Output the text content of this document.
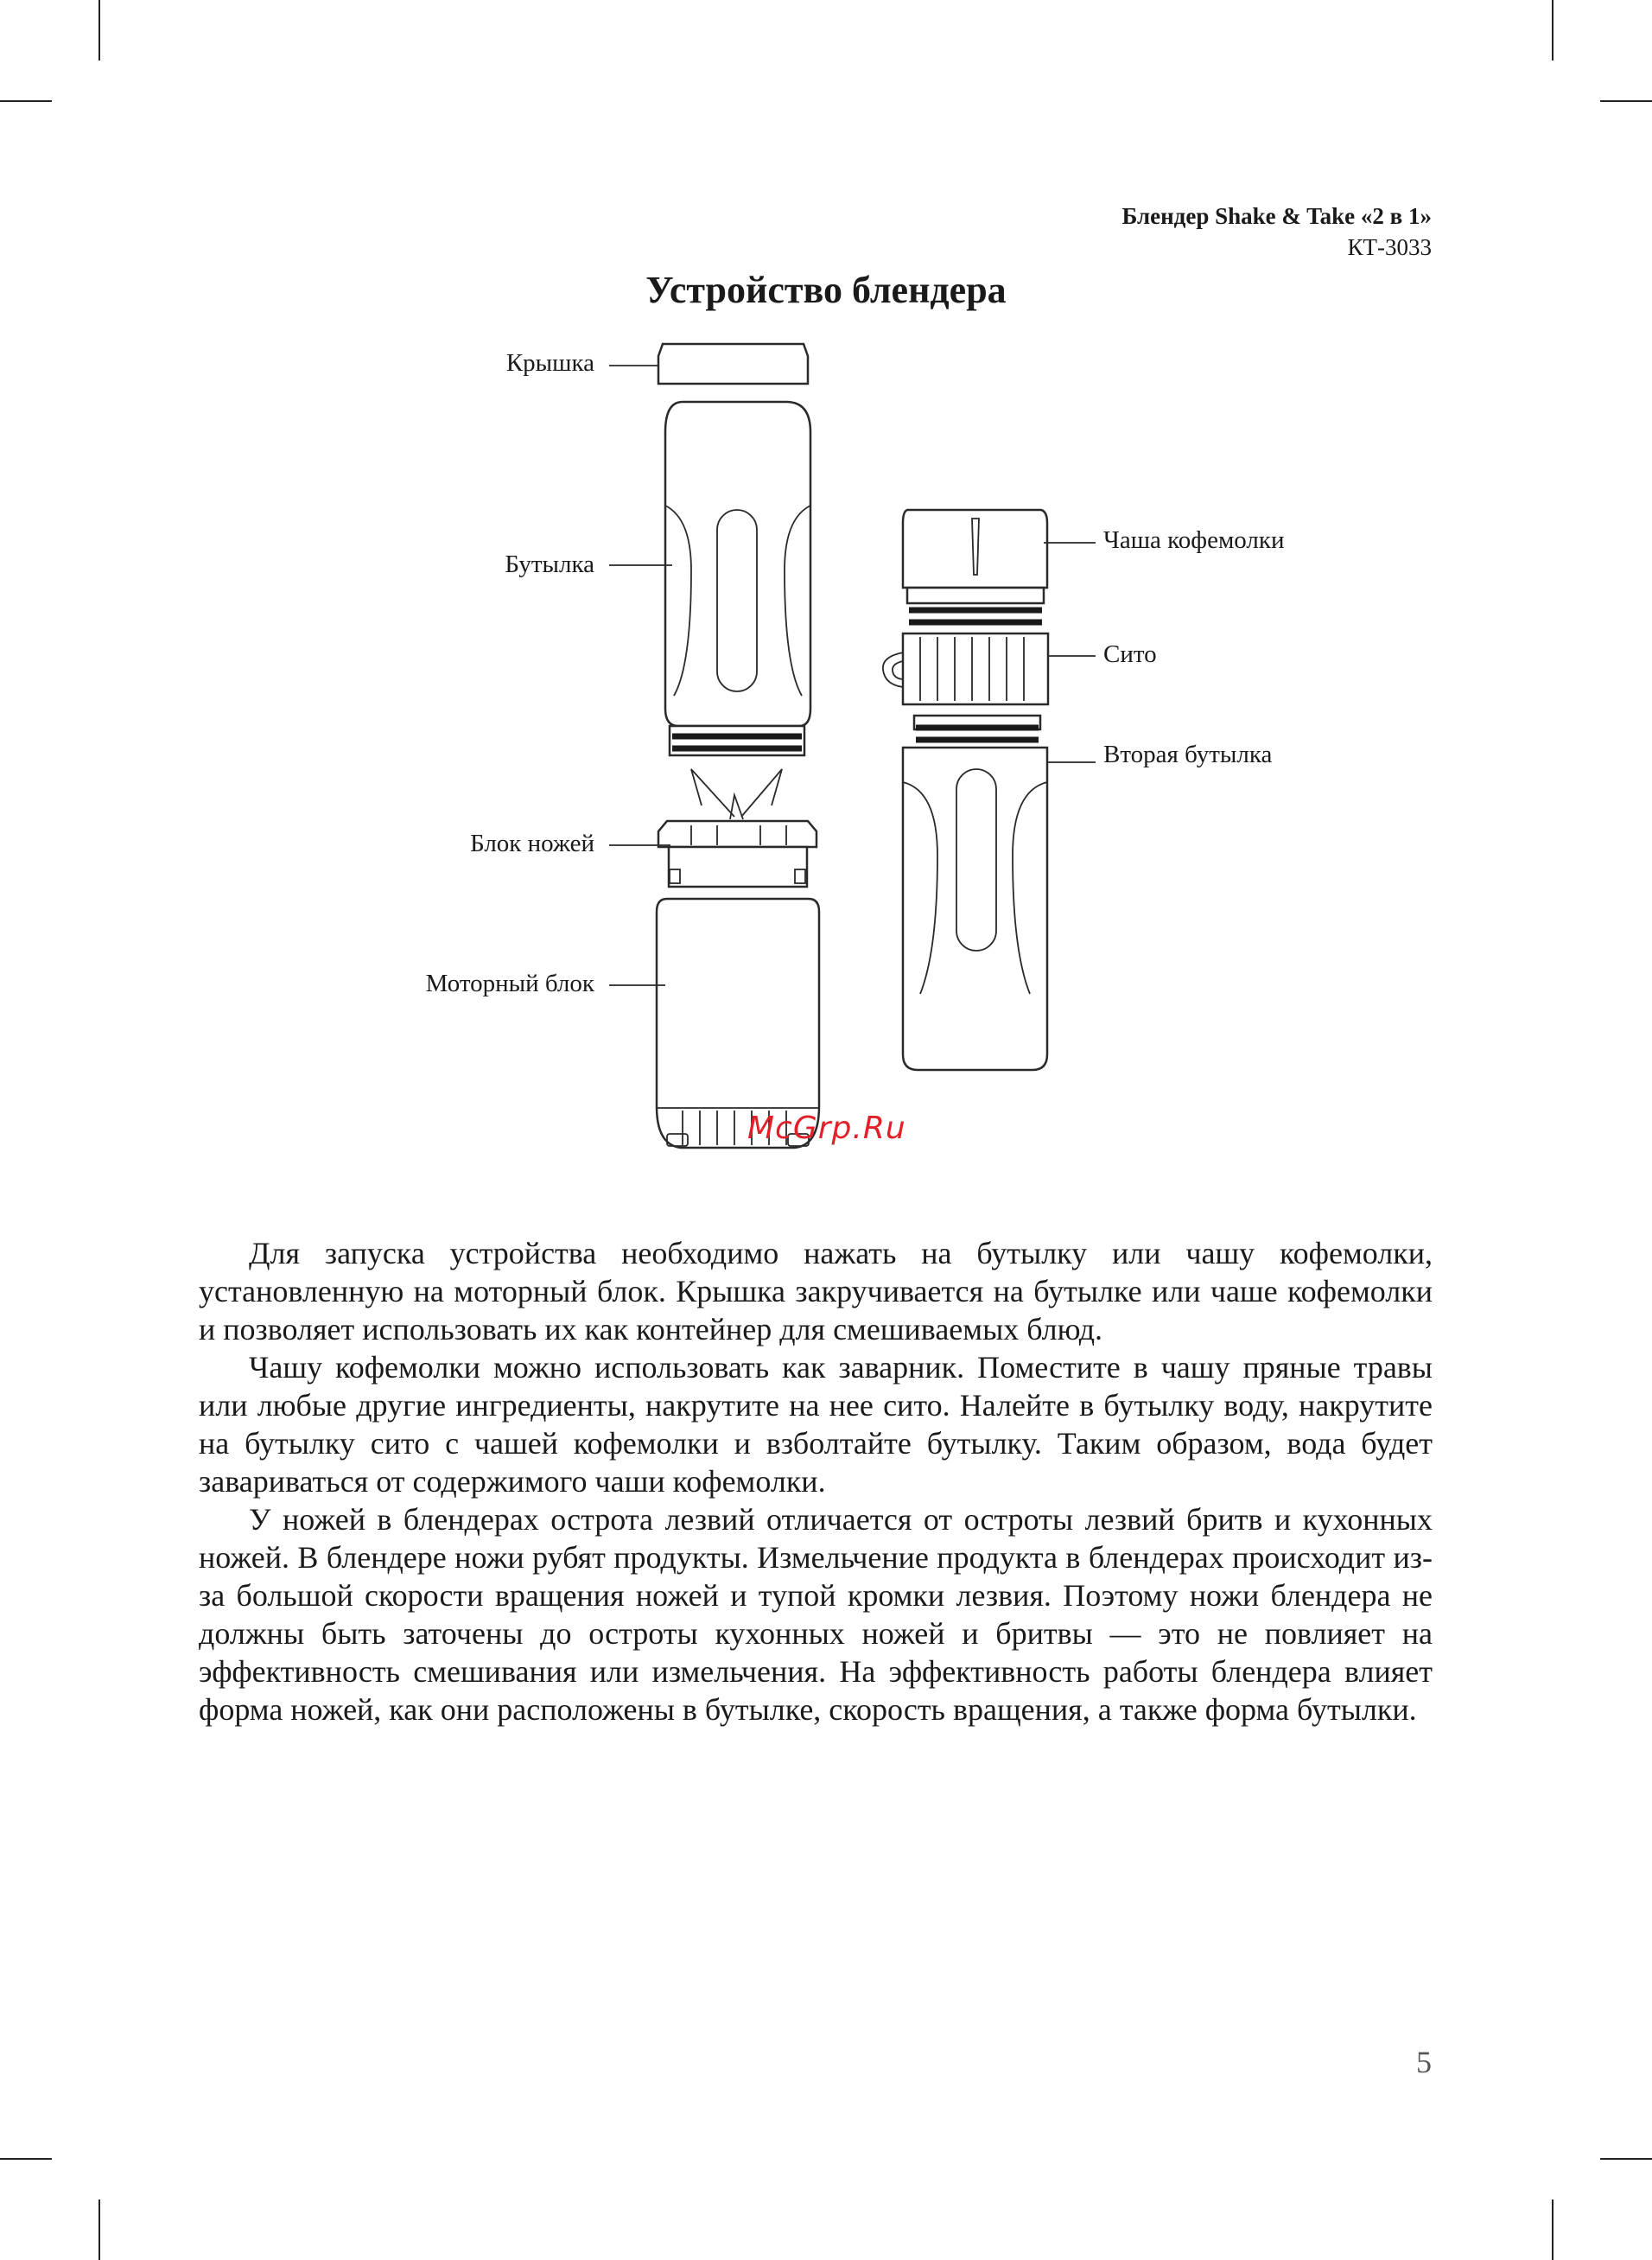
Блендер Shake & Take «2 в 1»
КТ-3033
Устройство блендера
Крышка
Бутылка
Блок ножей
Моторный блок
Чаша кофемолки
Сито
Вторая бутылка
McGrp.Ru

Для запуска устройства необходимо нажать на бутылку или чашу кофемолки, установленную на моторный блок. Крышка закручивается на бутылке или чаше кофемолки и позволяет использовать их как контейнер для смешиваемых блюд.

Чашу кофемолки можно использовать как заварник. Поместите в чашу пряные травы или любые другие ингредиенты, накрутите на нее сито. Налейте в бутылку воду, накрутите на бутылку сито с чашей кофемолки и взболтайте бутылку. Таким образом, вода будет завариваться от содержимого чаши кофемолки.

У ножей в блендерах острота лезвий отличается от остроты лезвий бритв и кухонных ножей. В блендере ножи рубят продукты. Измельчение продукта в блендерах происходит из-за большой скорости вращения ножей и тупой кромки лезвия. Поэтому ножи блендера не должны быть заточены до остроты кухонных ножей и бритвы — это не повлияет на эффективность смешивания или измельчения. На эффективность работы блендера влияет форма ножей, как они расположены в бутылке, скорость вращения, а также форма бутылки.

5
